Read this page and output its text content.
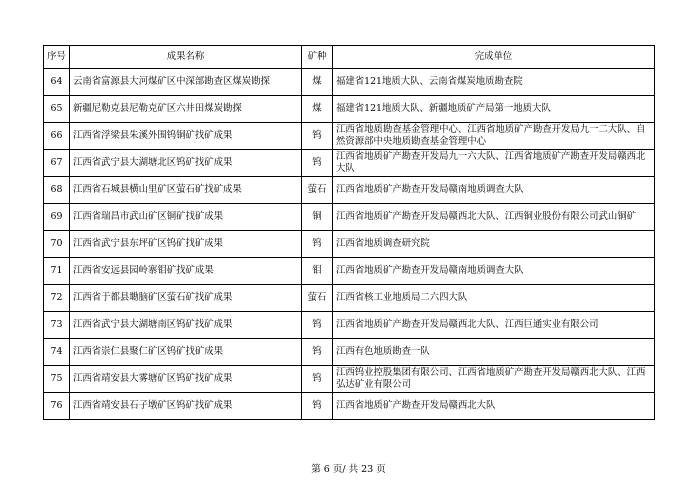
序号	成果名称	矿种	完成单位
64	云南省富源县大河煤矿区中深部勘查区煤炭勘探	煤	福建省121地质大队、云南省煤炭地质勘查院
65	新疆尼勒克县尼勒克矿区六井田煤炭勘探	煤	福建省121地质大队、新疆地质矿产局第一地质大队
66	江西省浮梁县朱溪外围钨铜矿找矿成果	钨	江西省地质勘查基金管理中心、江西省地质矿产勘查开发局九一二大队、自然资源部中央地质勘查基金管理中心
67	江西省武宁县大湖塘北区钨矿找矿成果	钨	江西省地质矿产勘查开发局九一六大队、江西省地质矿产勘查开发局赣西北大队
68	江西省石城县横山里矿区萤石矿找矿成果	萤石	江西省地质矿产勘查开发局赣南地质调查大队
69	江西省瑞昌市武山矿区铜矿找矿成果	铜	江西省地质矿产勘查开发局赣西北大队、江西铜业股份有限公司武山铜矿
70	江西省武宁县东坪矿区钨矿找矿成果	钨	江西省地质调查研究院
71	江西省安远县园岭寨钼矿找矿成果	钼	江西省地质矿产勘查开发局赣南地质调查大队
72	江西省于都县墈脑矿区萤石矿找矿成果	萤石	江西省核工业地质局二六四大队
73	江西省武宁县大湖塘南区钨矿找矿成果	钨	江西省地质矿产勘查开发局赣西北大队、江西巨通实业有限公司
74	江西省崇仁县聚仁矿区钨矿找矿成果	钨	江西有色地质勘查一队
75	江西省靖安县大雾塘矿区钨矿找矿成果	钨	江西钨业控股集团有限公司、江西省地质矿产勘查开发局赣西北大队、江西弘达矿业有限公司
76	江西省靖安县石子墩矿区钨矿找矿成果	钨	江西省地质矿产勘查开发局赣西北大队
第 6 页/ 共 23 页
